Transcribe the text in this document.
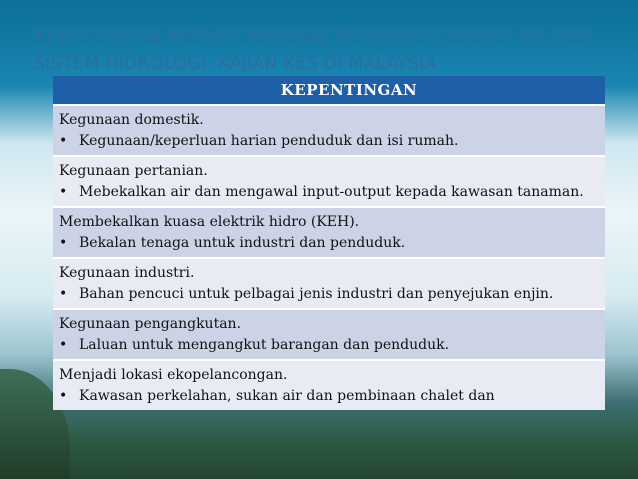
KEPENTINGAN AKTIVITI MANUSIA TERHADAP SUMBER AIR DAN SISTEM HIDROLOGI: KAJIAN KES DI MALAYSIA
KEPENTINGAN
Kegunaan domestik.
• Kegunaan/keperluan harian penduduk dan isi rumah.
Kegunaan pertanian.
• Mebekalkan air dan mengawal input-output kepada kawasan tanaman.
Membekalkan kuasa elektrik hidro (KEH).
• Bekalan tenaga untuk industri dan penduduk.
Kegunaan industri.
• Bahan pencuci untuk pelbagai jenis industri dan penyejukan enjin.
Kegunaan pengangkutan.
• Laluan untuk mengangkut barangan dan penduduk.
Menjadi lokasi ekopelancongan.
• Kawasan perkelahan, sukan air dan pembinaan chalet dan
